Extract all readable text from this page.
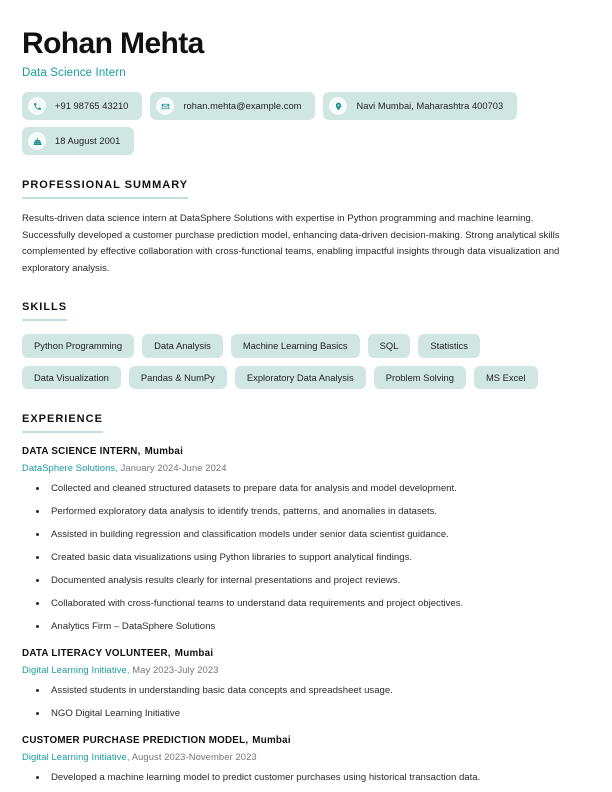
Rohan Mehta
Data Science Intern
+91 98765 43210	rohan.mehta@example.com	Navi Mumbai, Maharashtra 400703
18 August 2001
PROFESSIONAL SUMMARY

Results-driven data science intern at DataSphere Solutions with expertise in Python programming and machine learning. Successfully developed a customer purchase prediction model, enhancing data-driven decision-making. Strong analytical skills complemented by effective collaboration with cross-functional teams, enabling impactful insights through data visualization and exploratory analysis.

SKILLS
Python Programming	Data Analysis	Machine Learning Basics	SQL	Statistics
Data Visualization	Pandas & NumPy	Exploratory Data Analysis	Problem Solving	MS Excel
EXPERIENCE
DATA SCIENCE INTERN, Mumbai
DataSphere Solutions, January 2024-June 2024
Collected and cleaned structured datasets to prepare data for analysis and model development.
Performed exploratory data analysis to identify trends, patterns, and anomalies in datasets.
Assisted in building regression and classification models under senior data scientist guidance.
Created basic data visualizations using Python libraries to support analytical findings.
Documented analysis results clearly for internal presentations and project reviews.
Collaborated with cross-functional teams to understand data requirements and project objectives.
Analytics Firm – DataSphere Solutions
DATA LITERACY VOLUNTEER, Mumbai
Digital Learning Initiative, May 2023-July 2023
Assisted students in understanding basic data concepts and spreadsheet usage.
NGO Digital Learning Initiative
CUSTOMER PURCHASE PREDICTION MODEL, Mumbai
Digital Learning Initiative, August 2023-November 2023
Developed a machine learning model to predict customer purchases using historical transaction data.
